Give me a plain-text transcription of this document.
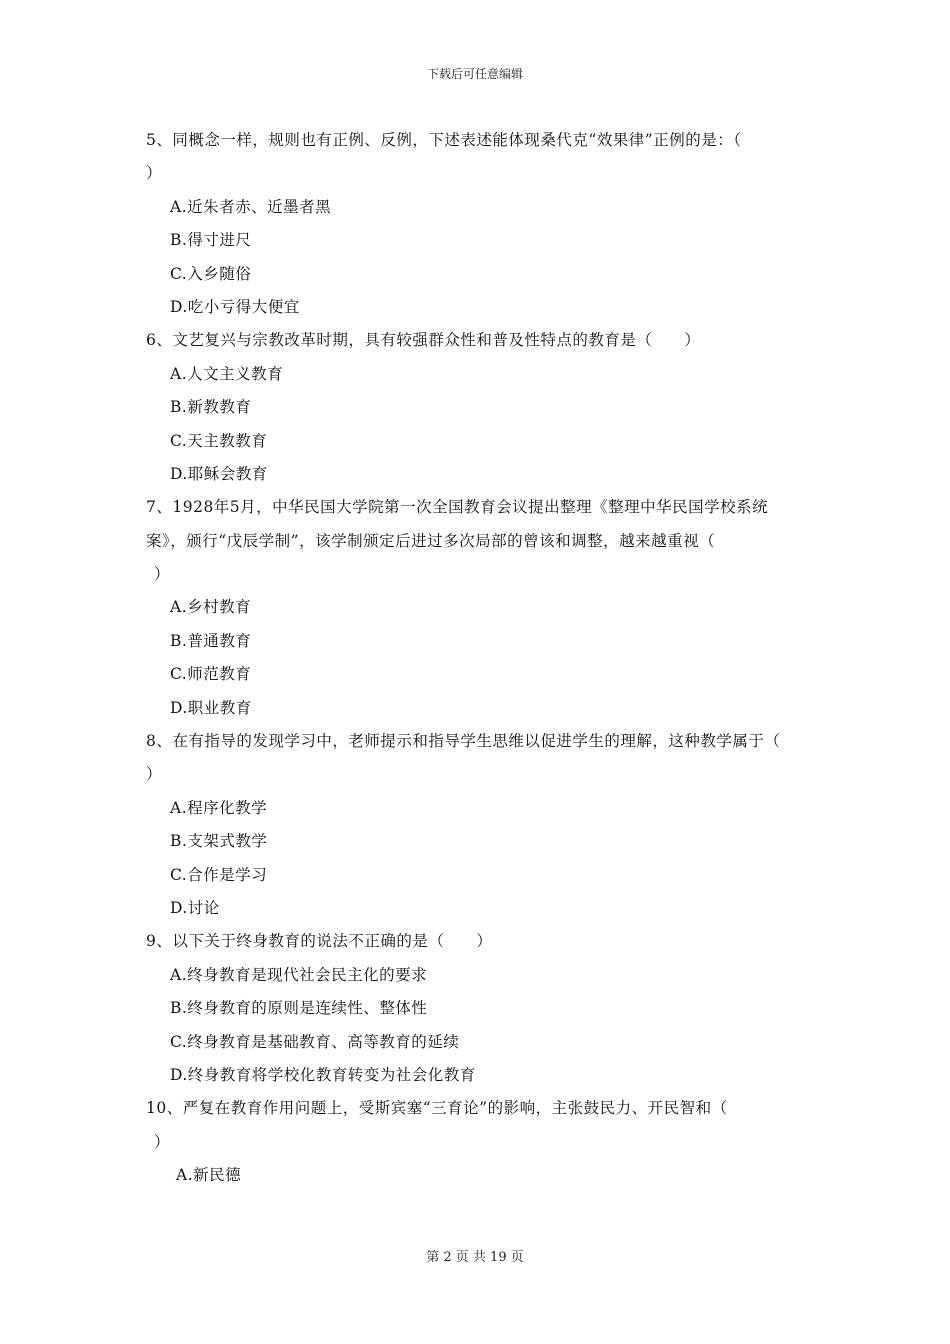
下载后可任意编辑
5、同概念一样，规则也有正例、反例，下述表述能体现桑代克“效果律”正例的是：（
）
A.近朱者赤、近墨者黑
B.得寸进尺
C.入乡随俗
D.吃小亏得大便宜
6、文艺复兴与宗教改革时期，具有较强群众性和普及性特点的教育是（　　）
A.人文主义教育
B.新教教育
C.天主教教育
D.耶稣会教育
7、1928年5月，中华民国大学院第一次全国教育会议提出整理《整理中华民国学校系统
案》，颁行“戊辰学制”，该学制颁定后进过多次局部的曾该和调整，越来越重视（
）
A.乡村教育
B.普通教育
C.师范教育
D.职业教育
8、在有指导的发现学习中，老师提示和指导学生思维以促进学生的理解，这种教学属于（
）
A.程序化教学
B.支架式教学
C.合作是学习
D.讨论
9、以下关于终身教育的说法不正确的是（　　）
A.终身教育是现代社会民主化的要求
B.终身教育的原则是连续性、整体性
C.终身教育是基础教育、高等教育的延续
D.终身教育将学校化教育转变为社会化教育
10、严复在教育作用问题上，受斯宾塞“三育论”的影响，主张鼓民力、开民智和（
）
A.新民德
第 2 页 共 19 页
